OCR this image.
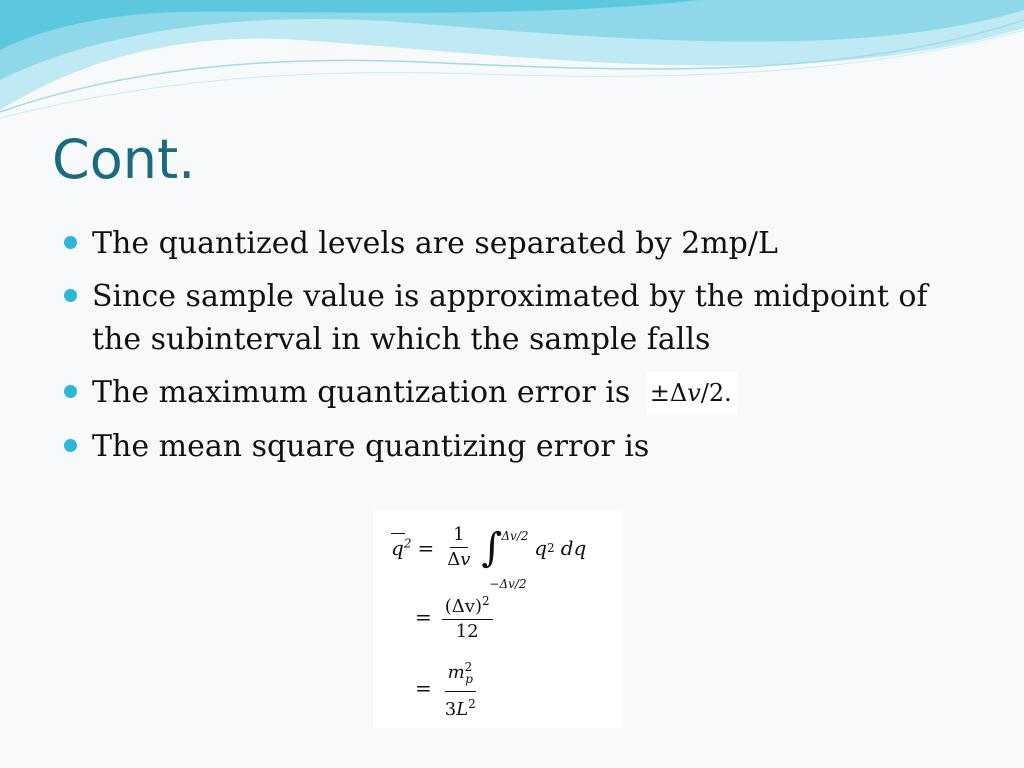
Cont.
The quantized levels are separated by 2mp/L
Since sample value is approximated by the midpoint of the subinterval in which the sample falls
The maximum quantization error is ±Δv/2.
The mean square quantizing error is
$q^2 = \frac{1}{\Delta v}$ ∫ Δv/2
−Δv/2
q 2 dq
= $\frac{(\Delta v)^2}{12}$
= $\frac{m^2_p}{3L^2}$
